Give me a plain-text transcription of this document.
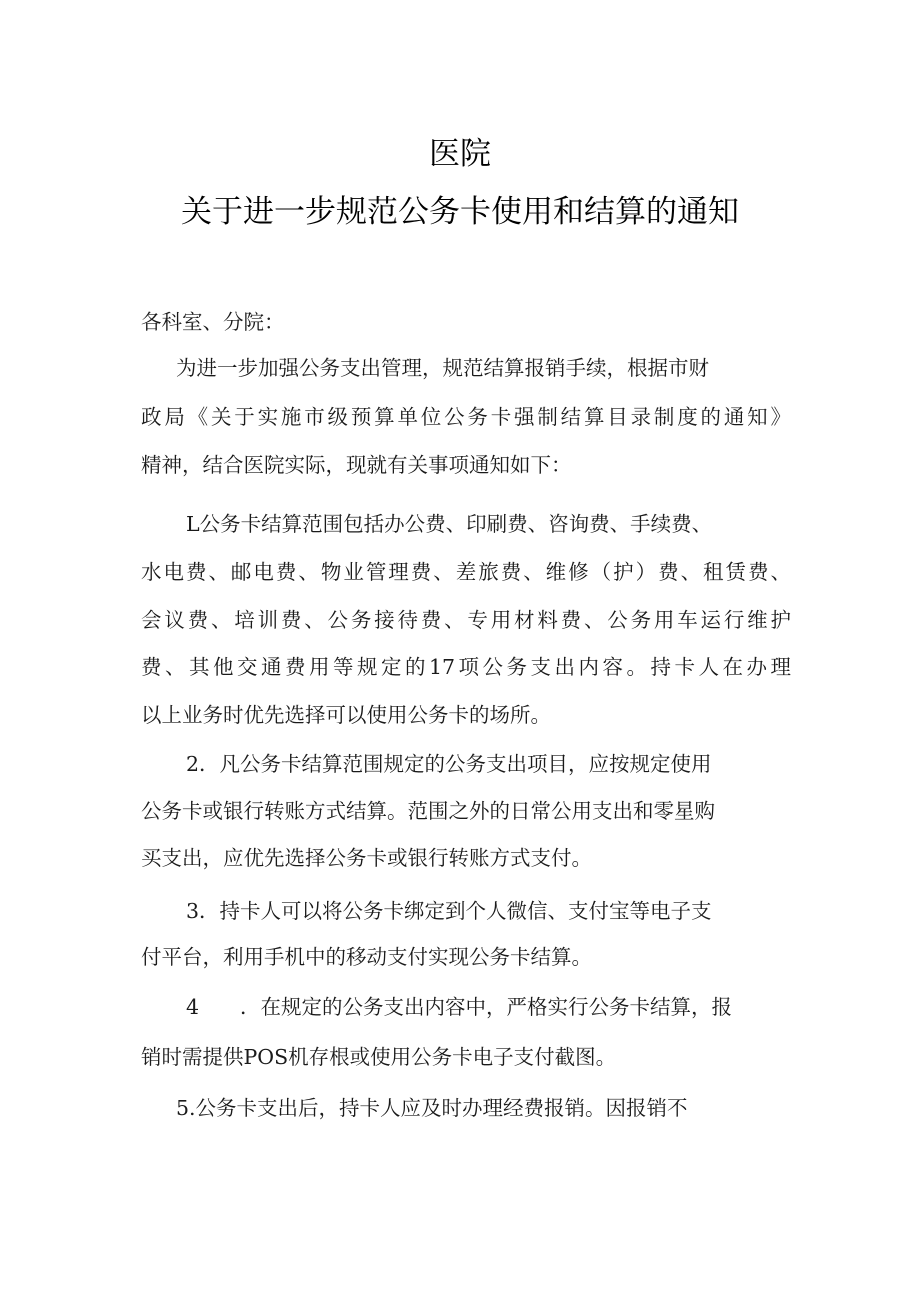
医院
关于进一步规范公务卡使用和结算的通知

各科室、分院：

为进一步加强公务支出管理，规范结算报销手续，根据市财

政局《关于实施市级预算单位公务卡强制结算目录制度的通知》

精神，结合医院实际，现就有关事项通知如下：

L公务卡结算范围包括办公费、印刷费、咨询费、手续费、

水电费、邮电费、物业管理费、差旅费、维修（护）费、租赁费、

会议费、培训费、公务接待费、专用材料费、公务用车运行维护

费、其他交通费用等规定的17项公务支出内容。持卡人在办理

以上业务时优先选择可以使用公务卡的场所。

2．凡公务卡结算范围规定的公务支出项目，应按规定使用

公务卡或银行转账方式结算。范围之外的日常公用支出和零星购

买支出，应优先选择公务卡或银行转账方式支付。

3．持卡人可以将公务卡绑定到个人微信、支付宝等电子支

付平台，利用手机中的移动支付实现公务卡结算。

4　　．在规定的公务支出内容中，严格实行公务卡结算，报

销时需提供POS机存根或使用公务卡电子支付截图。

5.公务卡支出后，持卡人应及时办理经费报销。因报销不
